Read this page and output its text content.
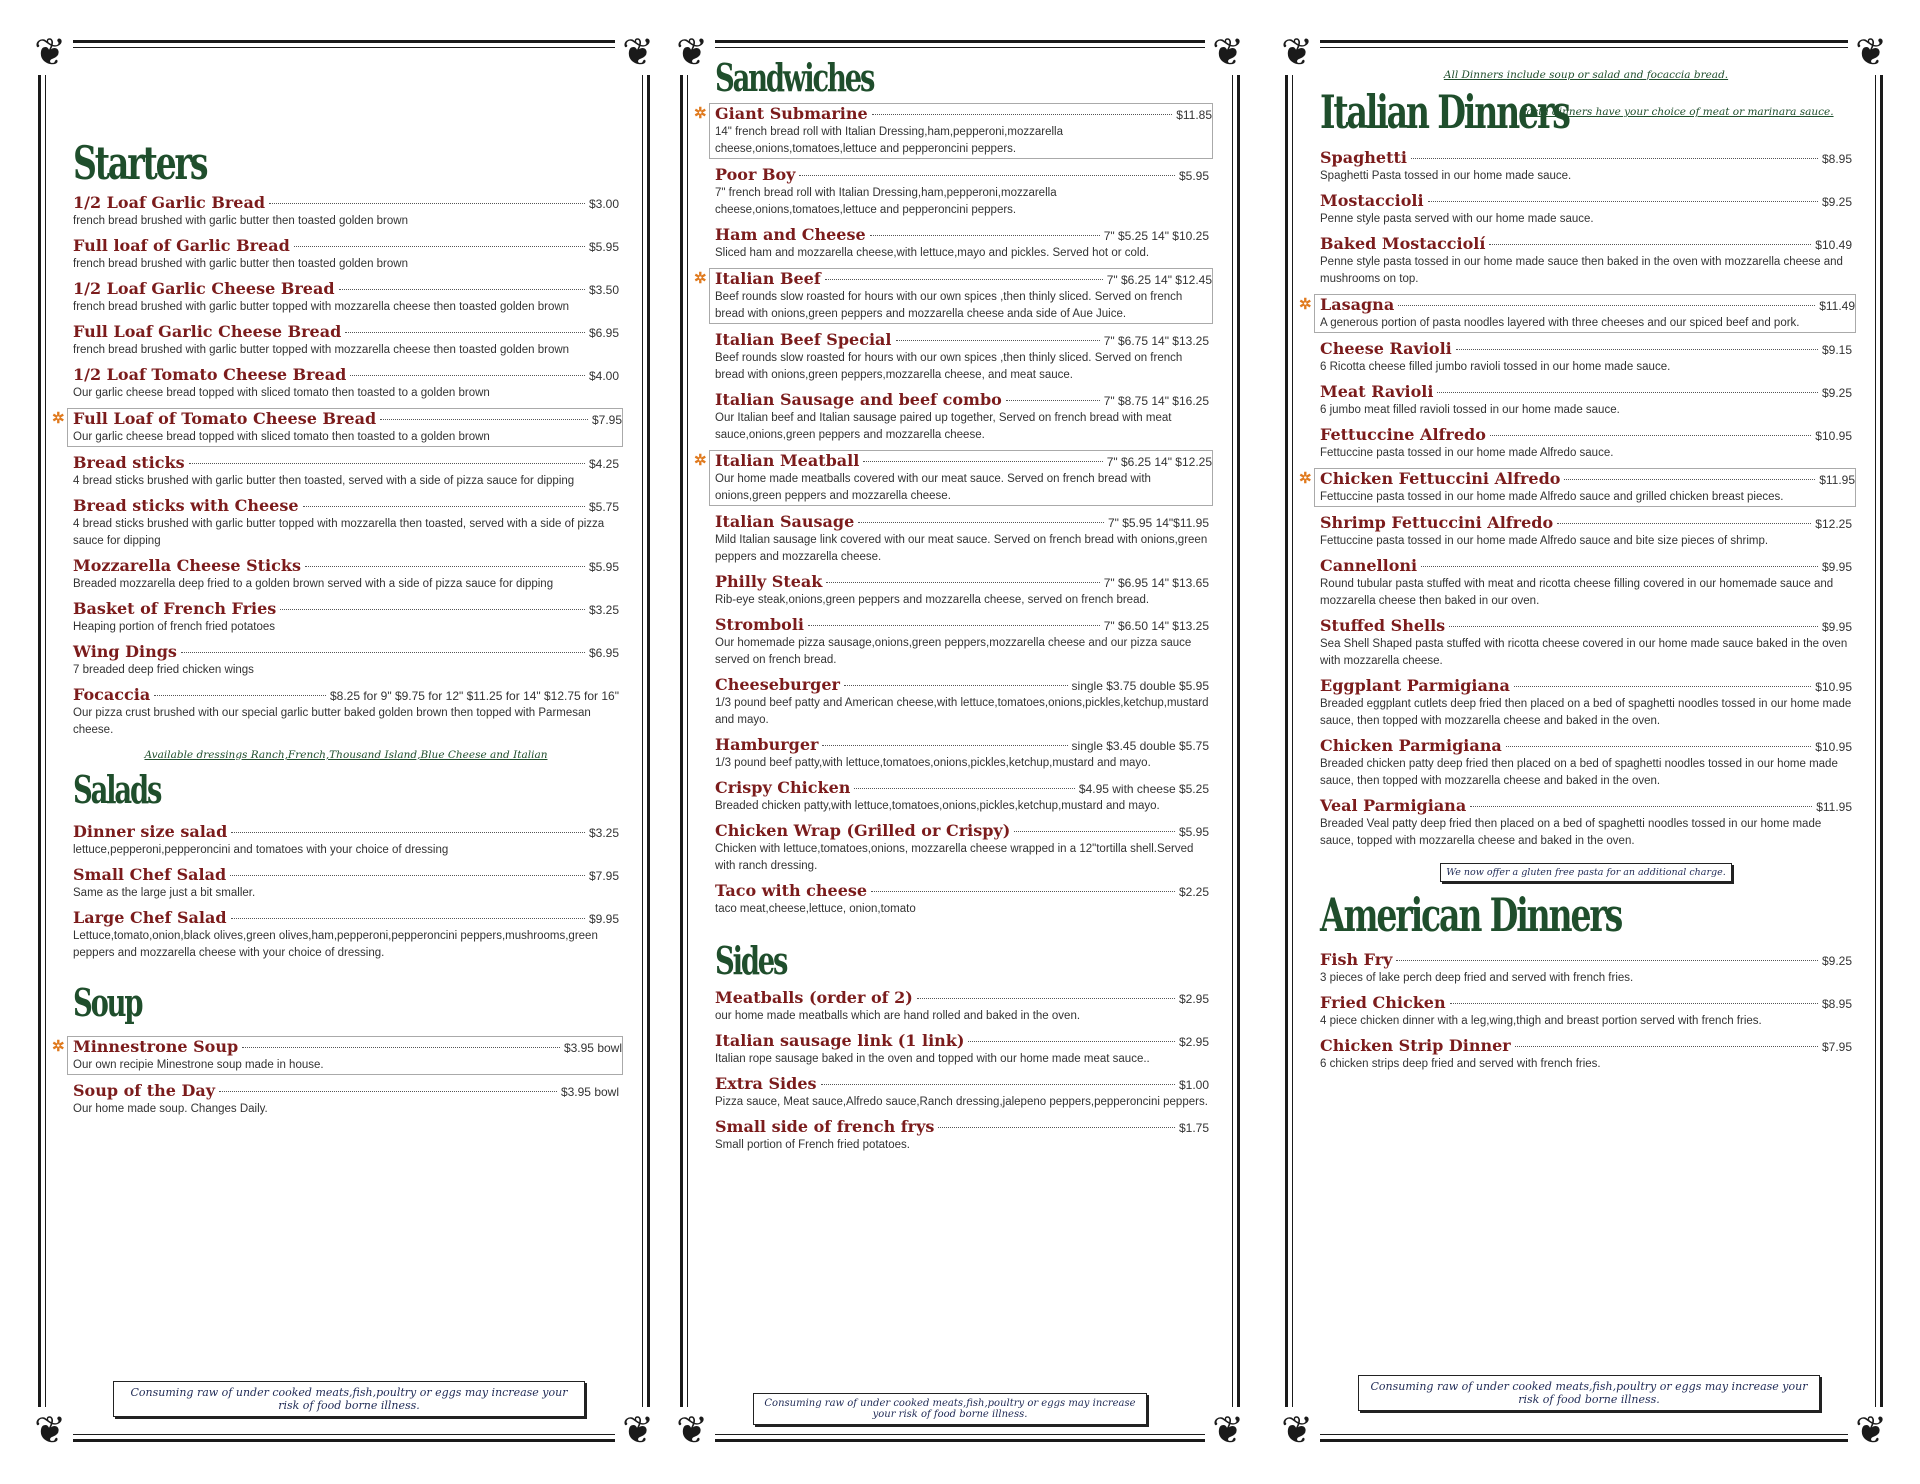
❦	❦
❦	❦
Starters
1/2 Loaf Garlic Bread	$3.00
french bread brushed with garlic butter then toasted golden brown
Full loaf of Garlic Bread	$5.95
french bread brushed with garlic butter then toasted golden brown
1/2 Loaf Garlic Cheese Bread	$3.50
french bread brushed with garlic butter topped with mozzarella cheese then toasted golden brown
Full Loaf Garlic Cheese Bread	$6.95
french bread brushed with garlic butter topped with mozzarella cheese then toasted golden brown
1/2 Loaf Tomato Cheese Bread	$4.00
Our garlic cheese bread topped with sliced tomato then toasted to a golden brown
✲ Full Loaf of Tomato Cheese Bread	$7.95
Our garlic cheese bread topped with sliced tomato then toasted to a golden brown
Bread sticks	$4.25
4 bread sticks brushed with garlic butter then toasted, served with a side of pizza sauce for dipping
Bread sticks with Cheese	$5.75
4 bread sticks brushed with garlic butter topped with mozzarella then toasted, served with a side of pizza sauce for dipping
Mozzarella Cheese Sticks	$5.95
Breaded mozzarella deep fried to a golden brown served with a side of pizza sauce for dipping
Basket of French Fries	$3.25
Heaping portion of french fried potatoes
Wing Dings	$6.95
7 breaded deep fried chicken wings
Focaccia	$8.25 for 9" $9.75 for 12" $11.25 for 14" $12.75 for 16"
Our pizza crust brushed with our special garlic butter baked golden brown then topped with Parmesan cheese.
Available dressings Ranch,French,Thousand Island,Blue Cheese and Italian
Salads
Dinner size salad	$3.25
lettuce,pepperoni,pepperoncini and tomatoes with your choice of dressing
Small Chef Salad	$7.95
Same as the large just a bit smaller.
Large Chef Salad	$9.95
Lettuce,tomato,onion,black olives,green olives,ham,pepperoni,pepperoncini peppers,mushrooms,green peppers and mozzarella cheese with your choice of dressing.
Soup
✲ Minnestrone Soup	$3.95 bowl
Our own recipie Minestrone soup made in house.
Soup of the Day	$3.95 bowl
Our home made soup. Changes Daily.
Consuming raw of under cooked meats,fish,poultry or eggs may increase your risk of food borne illness.
❦	❦
❦	❦
Sandwiches
✲ Giant Submarine	$11.85
14" french bread roll with Italian Dressing,ham,pepperoni,mozzarella cheese,onions,tomatoes,lettuce and pepperoncini peppers.
Poor Boy	$5.95
7" french bread roll with Italian Dressing,ham,pepperoni,mozzarella cheese,onions,tomatoes,lettuce and pepperoncini peppers.
Ham and Cheese	7" $5.25 14" $10.25
Sliced ham and mozzarella cheese,with lettuce,mayo and pickles. Served hot or cold.
✲ Italian Beef	7" $6.25 14" $12.45
Beef rounds slow roasted for hours with our own spices ,then thinly sliced. Served on french bread with onions,green peppers and mozzarella cheese anda side of Aue Juice.
Italian Beef Special	7" $6.75 14" $13.25
Beef rounds slow roasted for hours with our own spices ,then thinly sliced. Served on french bread with onions,green peppers,mozzarella cheese, and meat sauce.
Italian Sausage and beef combo	7" $8.75 14" $16.25
Our Italian beef and Italian sausage paired up together, Served on french bread with meat sauce,onions,green peppers and mozzarella cheese.
✲ Italian Meatball	7" $6.25 14" $12.25
Our home made meatballs covered with our meat sauce. Served on french bread with onions,green peppers and mozzarella cheese.
Italian Sausage	7" $5.95 14"$11.95
Mild Italian sausage link covered with our meat sauce. Served on french bread with onions,green peppers and mozzarella cheese.
Philly Steak	7" $6.95 14" $13.65
Rib-eye steak,onions,green peppers and mozzarella cheese, served on french bread.
Stromboli	7" $6.50 14" $13.25
Our homemade pizza sausage,onions,green peppers,mozzarella cheese and our pizza sauce served on french bread.
Cheeseburger	single $3.75 double $5.95
1/3 pound beef patty and American cheese,with lettuce,tomatoes,onions,pickles,ketchup,mustard and mayo.
Hamburger	single $3.45 double $5.75
1/3 pound beef patty,with lettuce,tomatoes,onions,pickles,ketchup,mustard and mayo.
Crispy Chicken	$4.95 with cheese $5.25
Breaded chicken patty,with lettuce,tomatoes,onions,pickles,ketchup,mustard and mayo.
Chicken Wrap (Grilled or Crispy)	$5.95
Chicken with lettuce,tomatoes,onions, mozzarella cheese wrapped in a 12"tortilla shell.Served with ranch dressing.
Taco with cheese	$2.25
taco meat,cheese,lettuce, onion,tomato
Sides
Meatballs (order of 2)	$2.95
our home made meatballs which are hand rolled and baked in the oven.
Italian sausage link (1 link)	$2.95
Italian rope sausage baked in the oven and topped with our home made meat sauce..
Extra Sides	$1.00
Pizza sauce, Meat sauce,Alfredo sauce,Ranch dressing,jalepeno peppers,pepperoncini peppers.
Small side of french frys	$1.75
Small portion of French fried potatoes.
Consuming raw of under cooked meats,fish,poultry or eggs may increase your risk of food borne illness.
❦	❦
❦	❦
All Dinners include soup or salad and focaccia bread.
Italian Dinners
Pasta dinners have your choice of meat or marinara sauce.
Spaghetti	$8.95
Spaghetti Pasta tossed in our home made sauce.
Mostaccioli	$9.25
Penne style pasta served with our home made sauce.
Baked Mostacciolí	$10.49
Penne style pasta tossed in our home made sauce then baked in the oven with mozzarella cheese and mushrooms on top.
✲ Lasagna	$11.49
A generous portion of pasta noodles layered with three cheeses and our spiced beef and pork.
Cheese Ravioli	$9.15
6 Ricotta cheese filled jumbo ravioli tossed in our home made sauce.
Meat Ravioli	$9.25
6 jumbo meat filled ravioli tossed in our home made sauce.
Fettuccine Alfredo	$10.95
Fettuccine pasta tossed in our home made Alfredo sauce.
✲ Chicken Fettuccini Alfredo	$11.95
Fettuccine pasta tossed in our home made Alfredo sauce and grilled chicken breast pieces.
Shrimp Fettuccini Alfredo	$12.25
Fettuccine pasta tossed in our home made Alfredo sauce and bite size pieces of shrimp.
Cannelloni	$9.95
Round tubular pasta stuffed with meat and ricotta cheese filling covered in our homemade sauce and mozzarella cheese then baked in our oven.
Stuffed Shells	$9.95
Sea Shell Shaped pasta stuffed with ricotta cheese covered in our home made sauce baked in the oven with mozzarella cheese.
Eggplant Parmigiana	$10.95
Breaded eggplant cutlets deep fried then placed on a bed of spaghetti noodles tossed in our home made sauce, then topped with mozzarella cheese and baked in the oven.
Chicken Parmigiana	$10.95
Breaded chicken patty deep fried then placed on a bed of spaghetti noodles tossed in our home made sauce, then topped with mozzarella cheese and baked in the oven.
Veal Parmigiana	$11.95
Breaded Veal patty deep fried then placed on a bed of spaghetti noodles tossed in our home made sauce, topped with mozzarella cheese and baked in the oven.
We now offer a gluten free pasta for an additional charge.
American Dinners
Fish Fry	$9.25
3 pieces of lake perch deep fried and served with french fries.
Fried Chicken	$8.95
4 piece chicken dinner with a leg,wing,thigh and breast portion served with french fries.
Chicken Strip Dinner	$7.95
6 chicken strips deep fried and served with french fries.
Consuming raw of under cooked meats,fish,poultry or eggs may increase your risk of food borne illness.
